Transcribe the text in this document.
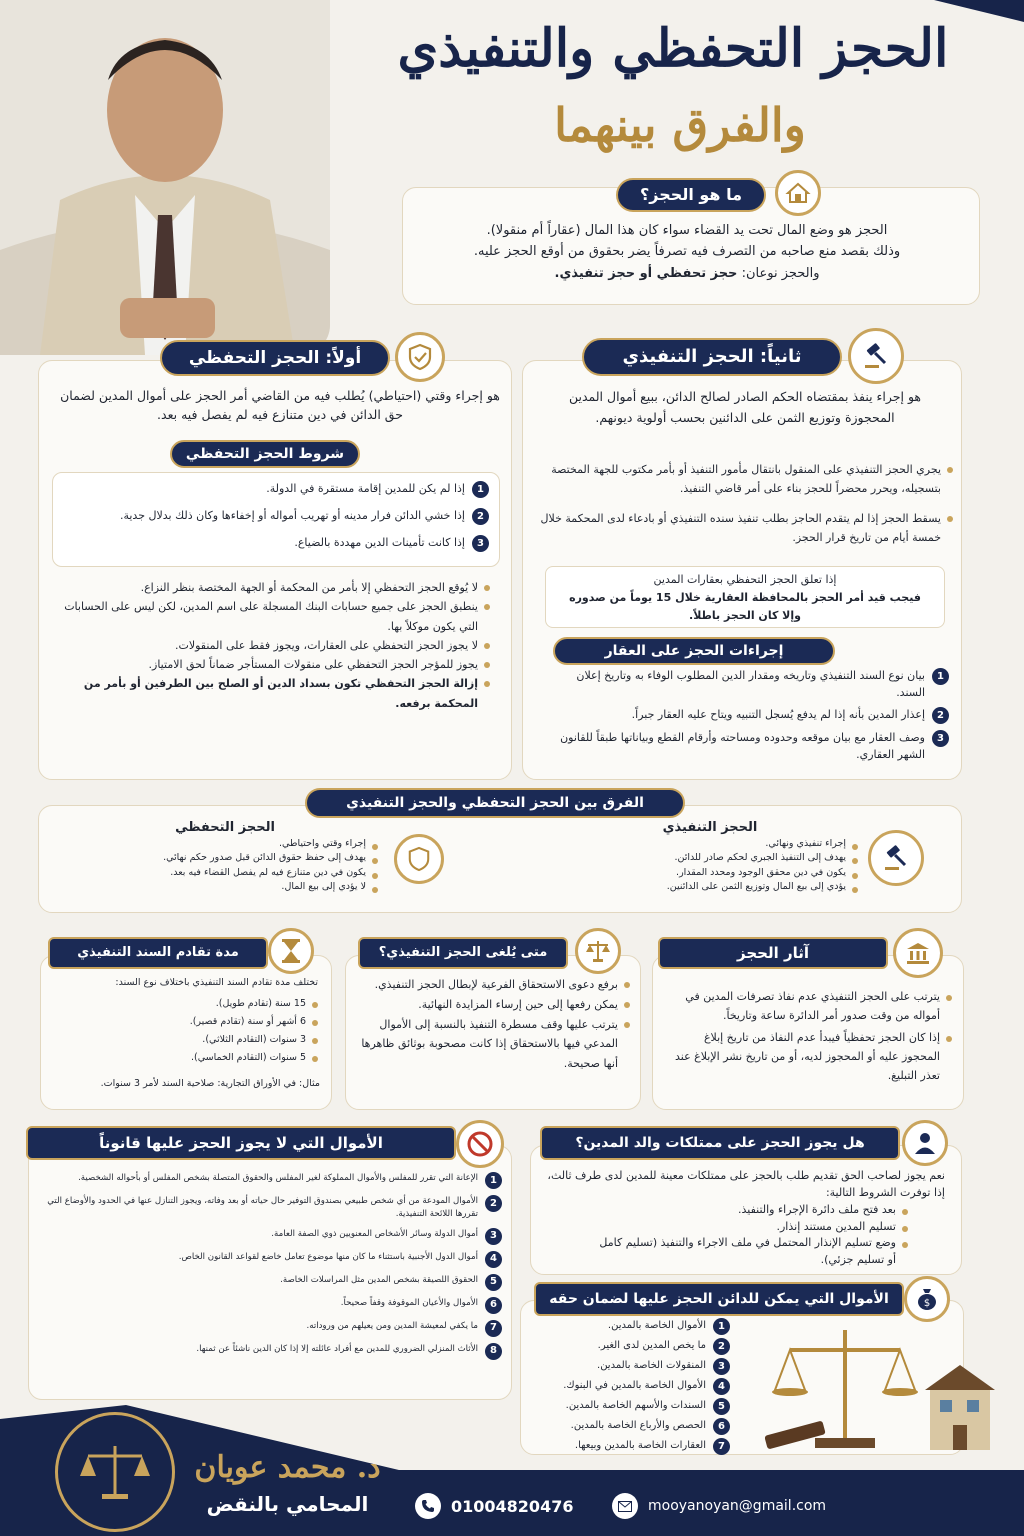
الحجز التحفظي والتنفيذي
والفرق بينهما
الحجز هو وضع المال تحت يد القضاء سواء كان هذا المال (عقاراً أم منقولا).
وذلك بقصد منع صاحبه من التصرف فيه تصرفاً يضر بحقوق من أوقع الحجز عليه.
والحجز نوعان: حجز تحفظي أو حجز تنفيذي.
ما هو الحجز؟
أولاً: الحجز التحفظي
هو إجراء وقتي (احتياطي) يُطلب فيه من القاضي أمر الحجز على أموال المدين لضمان حق الدائن في دين متنازع فيه لم يفصل فيه بعد.
شروط الحجز التحفظي
1
إذا لم يكن للمدين إقامة مستقرة في الدولة.
2
إذا خشي الدائن فرار مدينه أو تهريب أمواله أو إخفاءها وكان ذلك بدلال جدية.
3
إذا كانت تأمينات الدين مهددة بالضياع.
لا يُوقع الحجز التحفظي إلا بأمر من المحكمة أو الجهة المختصة بنظر النزاع.
ينطبق الحجز على جميع حسابات البنك المسجلة على اسم المدين، لكن ليس على الحسابات التي يكون موكلاً بها.
لا يجوز الحجز التحفظي على العقارات، ويجوز فقط على المنقولات.
يجوز للمؤجر الحجز التحفظي على منقولات المستأجر ضماناً لحق الامتياز.
إزالة الحجز التحفظي تكون بسداد الدين أو الصلح بين الطرفين أو بأمر من المحكمة برفعه.
ثانياً: الحجز التنفيذي
هو إجراء ينفذ بمقتضاه الحكم الصادر لصالح الدائن، ببيع أموال المدين المحجوزة وتوزيع الثمن على الدائنين بحسب أولوية ديونهم.
يجري الحجز التنفيذي على المنقول بانتقال مأمور التنفيذ أو بأمر مكتوب للجهة المختصة بتسجيله، ويحرر محضراً للحجز بناء على أمر قاضي التنفيذ.
يسقط الحجز إذا لم يتقدم الحاجز بطلب تنفيذ سنده التنفيذي أو بادعاء لدى المحكمة خلال خمسة أيام من تاريخ قرار الحجز.
إذا تعلق الحجز التحفظي بعقارات المدين
فيجب قيد أمر الحجز بالمحافظة العقارية خلال 15 يوماً من صدوره
وإلا كان الحجز باطلاً.
إجراءات الحجز على العقار
1
بيان نوع السند التنفيذي وتاريخه ومقدار الدين المطلوب الوفاء به وتاريخ إعلان السند.
2
إعذار المدين بأنه إذا لم يدفع يُسجل التنبيه ويتاح عليه العقار جبراً.
3
وصف العقار مع بيان موقعه وحدوده ومساحته وأرقام القطع وبياناتها طبقاً للقانون الشهر العقاري.
الفرق بين الحجز التحفظي والحجز التنفيذي
الحجز التنفيذي
إجراء تنفيذي ونهائي.
يهدف إلى التنفيذ الجبري لحكم صادر للدائن.
يكون في دين محقق الوجود ومحدد المقدار.
يؤدي إلى بيع المال وتوزيع الثمن على الدائنين.
الحجز التحفظي
إجراء وقتي واحتياطي.
يهدف إلى حفظ حقوق الدائن قبل صدور حكم نهائي.
يكون في دين متنازع فيه لم يفصل القضاء فيه بعد.
لا يؤدي إلى بيع المال.
آثار الحجز
يترتب على الحجز التنفيذي عدم نفاذ تصرفات المدين في أمواله من وقت صدور أمر الدائرة ساعة وتاريخاً.
إذا كان الحجز تحفظياً فيبدأ عدم النفاذ من تاريخ إبلاغ المحجوز عليه أو المحجوز لديه، أو من تاريخ نشر الإبلاغ عند تعذر التبليغ.
متى يُلغى الحجز التنفيذي؟
برفع دعوى الاستحقاق الفرعية لإبطال الحجز التنفيذي.
يمكن رفعها إلى حين إرساء المزايدة النهائية.
يترتب عليها وقف مسطرة التنفيذ بالنسبة إلى الأموال المدعي فيها بالاستحقاق إذا كانت مصحوبة بوثائق ظاهرها أنها صحيحة.
مدة تقادم السند التنفيذي
تختلف مدة تقادم السند التنفيذي باختلاف نوع السند:
15 سنة (تقادم طويل).
6 أشهر أو سنة (تقادم قصير).
3 سنوات (التقادم الثلاثي).
5 سنوات (التقادم الخماسي).
مثال: في الأوراق التجارية: صلاحية السند لأمر 3 سنوات.
الأموال التي لا يجوز الحجز عليها قانوناً
1
الإعانة التي تقرر للمفلس والأموال المملوكة لغير المفلس والحقوق المتصلة بشخص المفلس أو بأحواله الشخصية.
2
الأموال المودعة من أي شخص طبيعي بصندوق التوفير حال حياته أو بعد وفاته، ويجوز التنازل عنها في الحدود والأوضاع التي تقررها اللائحة التنفيذية.
3
أموال الدولة وسائر الأشخاص المعنويين ذوي الصفة العامة.
4
أموال الدول الأجنبية باستثناء ما كان منها موضوع تعامل خاضع لقواعد القانون الخاص.
5
الحقوق اللصيقة بشخص المدين مثل المراسلات الخاصة.
6
الأموال والأعيان الموقوفة وقفاً صحيحاً.
7
ما يكفي لمعيشة المدين ومن يعيلهم من وروداته.
8
الأثاث المنزلي الضروري للمدين مع أفراد عائلته إلا إذا كان الدين ناشئاً عن ثمنها.
هل يجوز الحجز على ممتلكات والد المدين؟
نعم يجوز لصاحب الحق تقديم طلب بالحجز على ممتلكات معينة للمدين لدى طرف ثالث، إذا توفرت الشروط التالية:
بعد فتح ملف دائرة الإجراء والتنفيذ.
تسليم المدين مستند إنذار.
وضع تسليم الإنذار المحتمل في ملف الاجراء والتنفيذ (تسليم كامل أو تسليم جزئي).
الأموال التي يمكن للدائن الحجز عليها لضمان حقه	$
1
الأموال الخاصة بالمدين.
2
ما يخص المدين لدى الغير.
3
المنقولات الخاصة بالمدين.
4
الأموال الخاصة بالمدين في البنوك.
5
السندات والأسهم الخاصة بالمدين.
6
الحصص والأرباع الخاصة بالمدين.
7
العقارات الخاصة بالمدين وبيعها.
د. محمد عويان
المحامي بالنقض	01004820476	mooyanoyan@gmail.com
